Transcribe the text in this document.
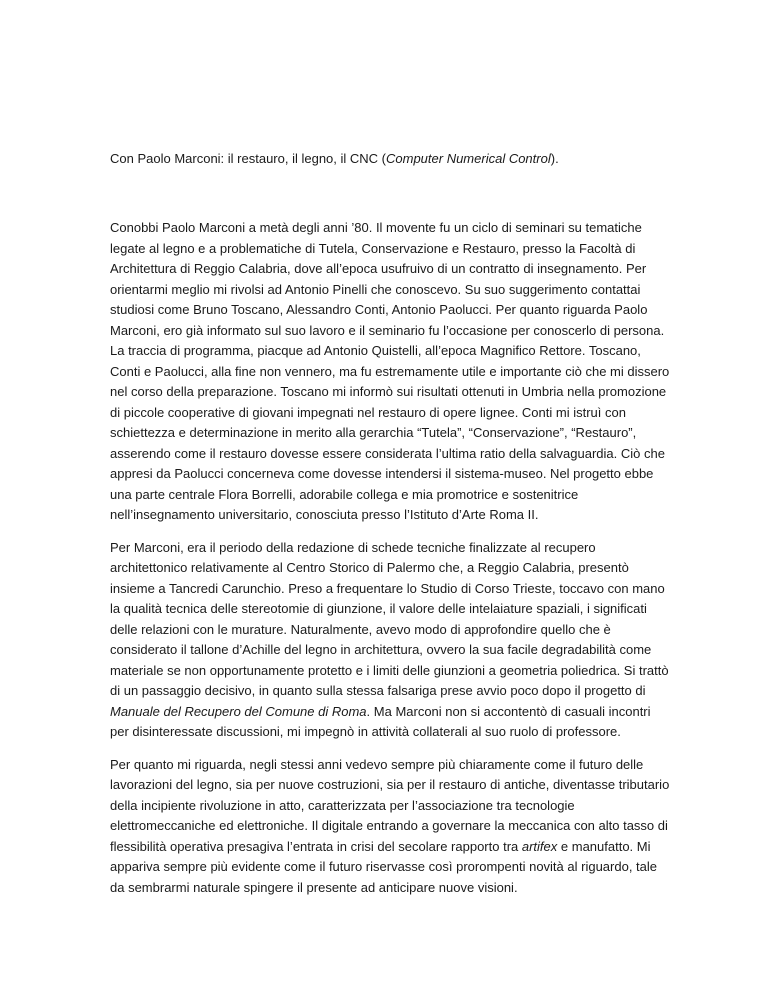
Con Paolo Marconi: il restauro, il legno, il CNC (Computer Numerical Control).

Conobbi Paolo Marconi a metà degli anni ’80. Il movente fu un ciclo di seminari su tematiche legate al legno e a problematiche di Tutela, Conservazione e Restauro, presso la Facoltà di Architettura di Reggio Calabria, dove all’epoca usufruivo di un contratto di insegnamento. Per orientarmi meglio mi rivolsi ad Antonio Pinelli che conoscevo. Su suo suggerimento contattai studiosi come Bruno Toscano, Alessandro Conti, Antonio Paolucci. Per quanto riguarda Paolo Marconi, ero già informato sul suo lavoro e il seminario fu l’occasione per conoscerlo di persona. La traccia di programma, piacque ad Antonio Quistelli, all’epoca Magnifico Rettore. Toscano, Conti e Paolucci, alla fine non vennero, ma fu estremamente utile e importante ciò che mi dissero nel corso della preparazione. Toscano mi informò sui risultati ottenuti in Umbria nella promozione di piccole cooperative di giovani impegnati nel restauro di opere lignee. Conti mi istruì con schiettezza e determinazione in merito alla gerarchia “Tutela”, “Conservazione”, “Restauro”, asserendo come il restauro dovesse essere considerata l’ultima ratio della salvaguardia. Ciò che appresi da Paolucci concerneva come dovesse intendersi il sistema-museo. Nel progetto ebbe una parte centrale Flora Borrelli, adorabile collega e mia promotrice e sostenitrice nell’insegnamento universitario, conosciuta presso l’Istituto d’Arte Roma II.

Per Marconi, era il periodo della redazione di schede tecniche finalizzate al recupero architettonico relativamente al Centro Storico di Palermo che, a Reggio Calabria, presentò insieme a Tancredi Carunchio. Preso a frequentare lo Studio di Corso Trieste, toccavo con mano la qualità tecnica delle stereotomie di giunzione, il valore delle intelaiature spaziali, i significati delle relazioni con le murature. Naturalmente, avevo modo di approfondire quello che è considerato il tallone d’Achille del legno in architettura, ovvero la sua facile degradabilità come materiale se non opportunamente protetto e i limiti delle giunzioni a geometria poliedrica. Si trattò di un passaggio decisivo, in quanto sulla stessa falsariga prese avvio poco dopo il progetto di Manuale del Recupero del Comune di Roma. Ma Marconi non si accontentò di casuali incontri per disinteressate discussioni, mi impegnò in attività collaterali al suo ruolo di professore.

Per quanto mi riguarda, negli stessi anni vedevo sempre più chiaramente come il futuro delle lavorazioni del legno, sia per nuove costruzioni, sia per il restauro di antiche, diventasse tributario della incipiente rivoluzione in atto, caratterizzata per l’associazione tra tecnologie elettromeccaniche ed elettroniche. Il digitale entrando a governare la meccanica con alto tasso di flessibilità operativa presagiva l’entrata in crisi del secolare rapporto tra artifex e manufatto. Mi appariva sempre più evidente come il futuro riservasse così prorompenti novità al riguardo, tale da sembrarmi naturale spingere il presente ad anticipare nuove visioni.
